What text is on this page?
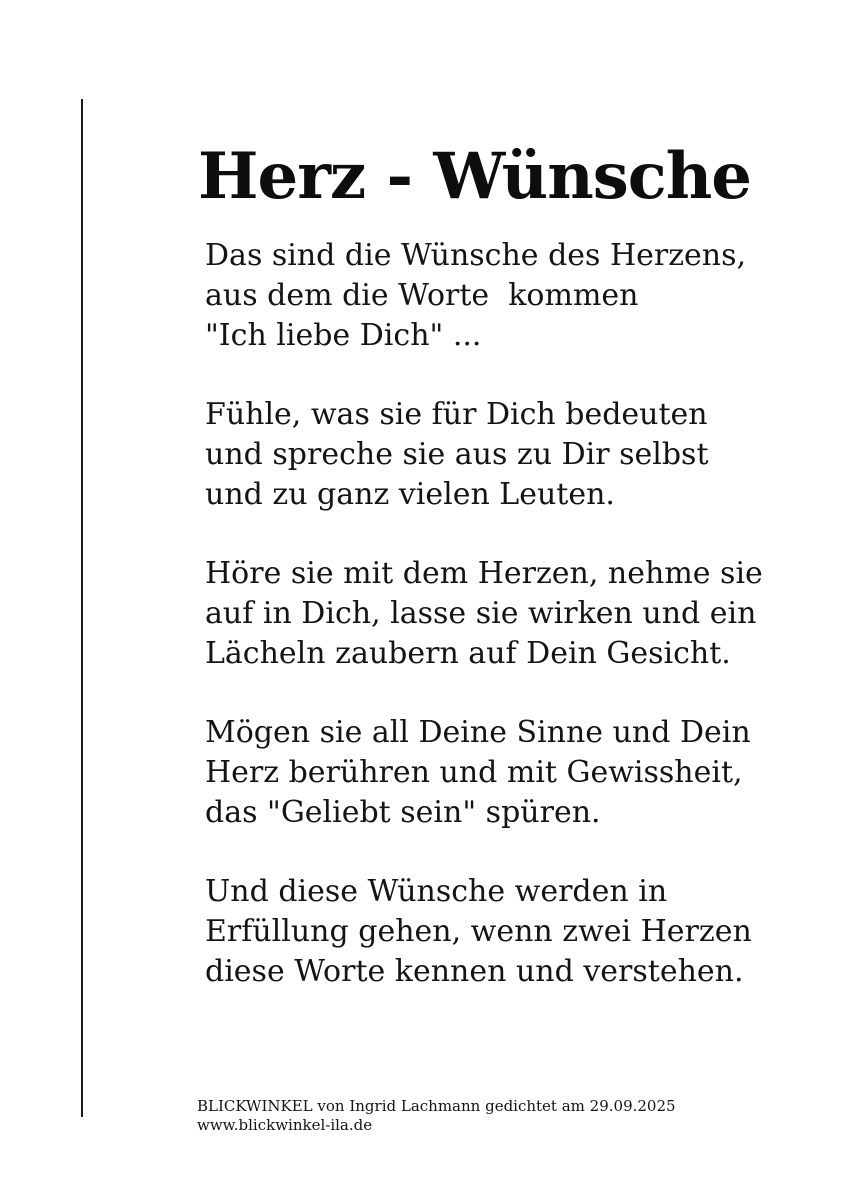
Herz - Wünsche
Das sind die Wünsche des Herzens,
aus dem die Worte  kommen
"Ich liebe Dich" ...
Fühle, was sie für Dich bedeuten
und spreche sie aus zu Dir selbst
und zu ganz vielen Leuten.
Höre sie mit dem Herzen, nehme sie
auf in Dich, lasse sie wirken und ein
Lächeln zaubern auf Dein Gesicht.
Mögen sie all Deine Sinne und Dein
Herz berühren und mit Gewissheit,
das "Geliebt sein" spüren.
Und diese Wünsche werden in
Erfüllung gehen, wenn zwei Herzen
diese Worte kennen und verstehen.
BLICKWINKEL von Ingrid Lachmann gedichtet am 29.09.2025   www.blickwinkel-ila.de
